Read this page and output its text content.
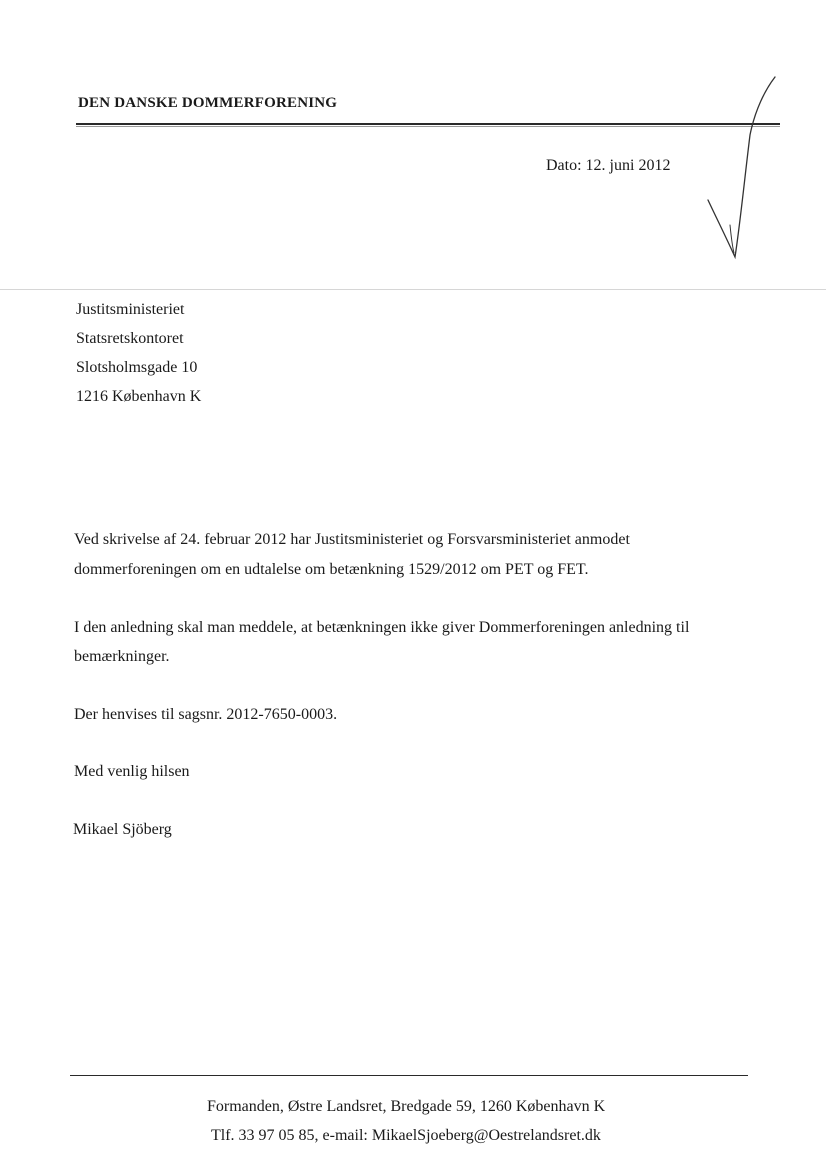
DEN DANSKE DOMMERFORENING
Dato: 12. juni 2012
Justitsministeriet
Statsretskontoret
Slotsholmsgade 10
1216 København K
Ved skrivelse af 24. februar 2012 har Justitsministeriet og Forsvarsministeriet anmodet
dommerforeningen om en udtalelse om betænkning 1529/2012 om PET og FET.
I den anledning skal man meddele, at betænkningen ikke giver Dommerforeningen anledning til
bemærkninger.
Der henvises til sagsnr. 2012-7650-0003.
Med venlig hilsen
Mikael Sjöberg
Formanden, Østre Landsret, Bredgade 59, 1260 København K
Tlf. 33 97 05 85, e-mail: MikaelSjoeberg@Oestrelandsret.dk
